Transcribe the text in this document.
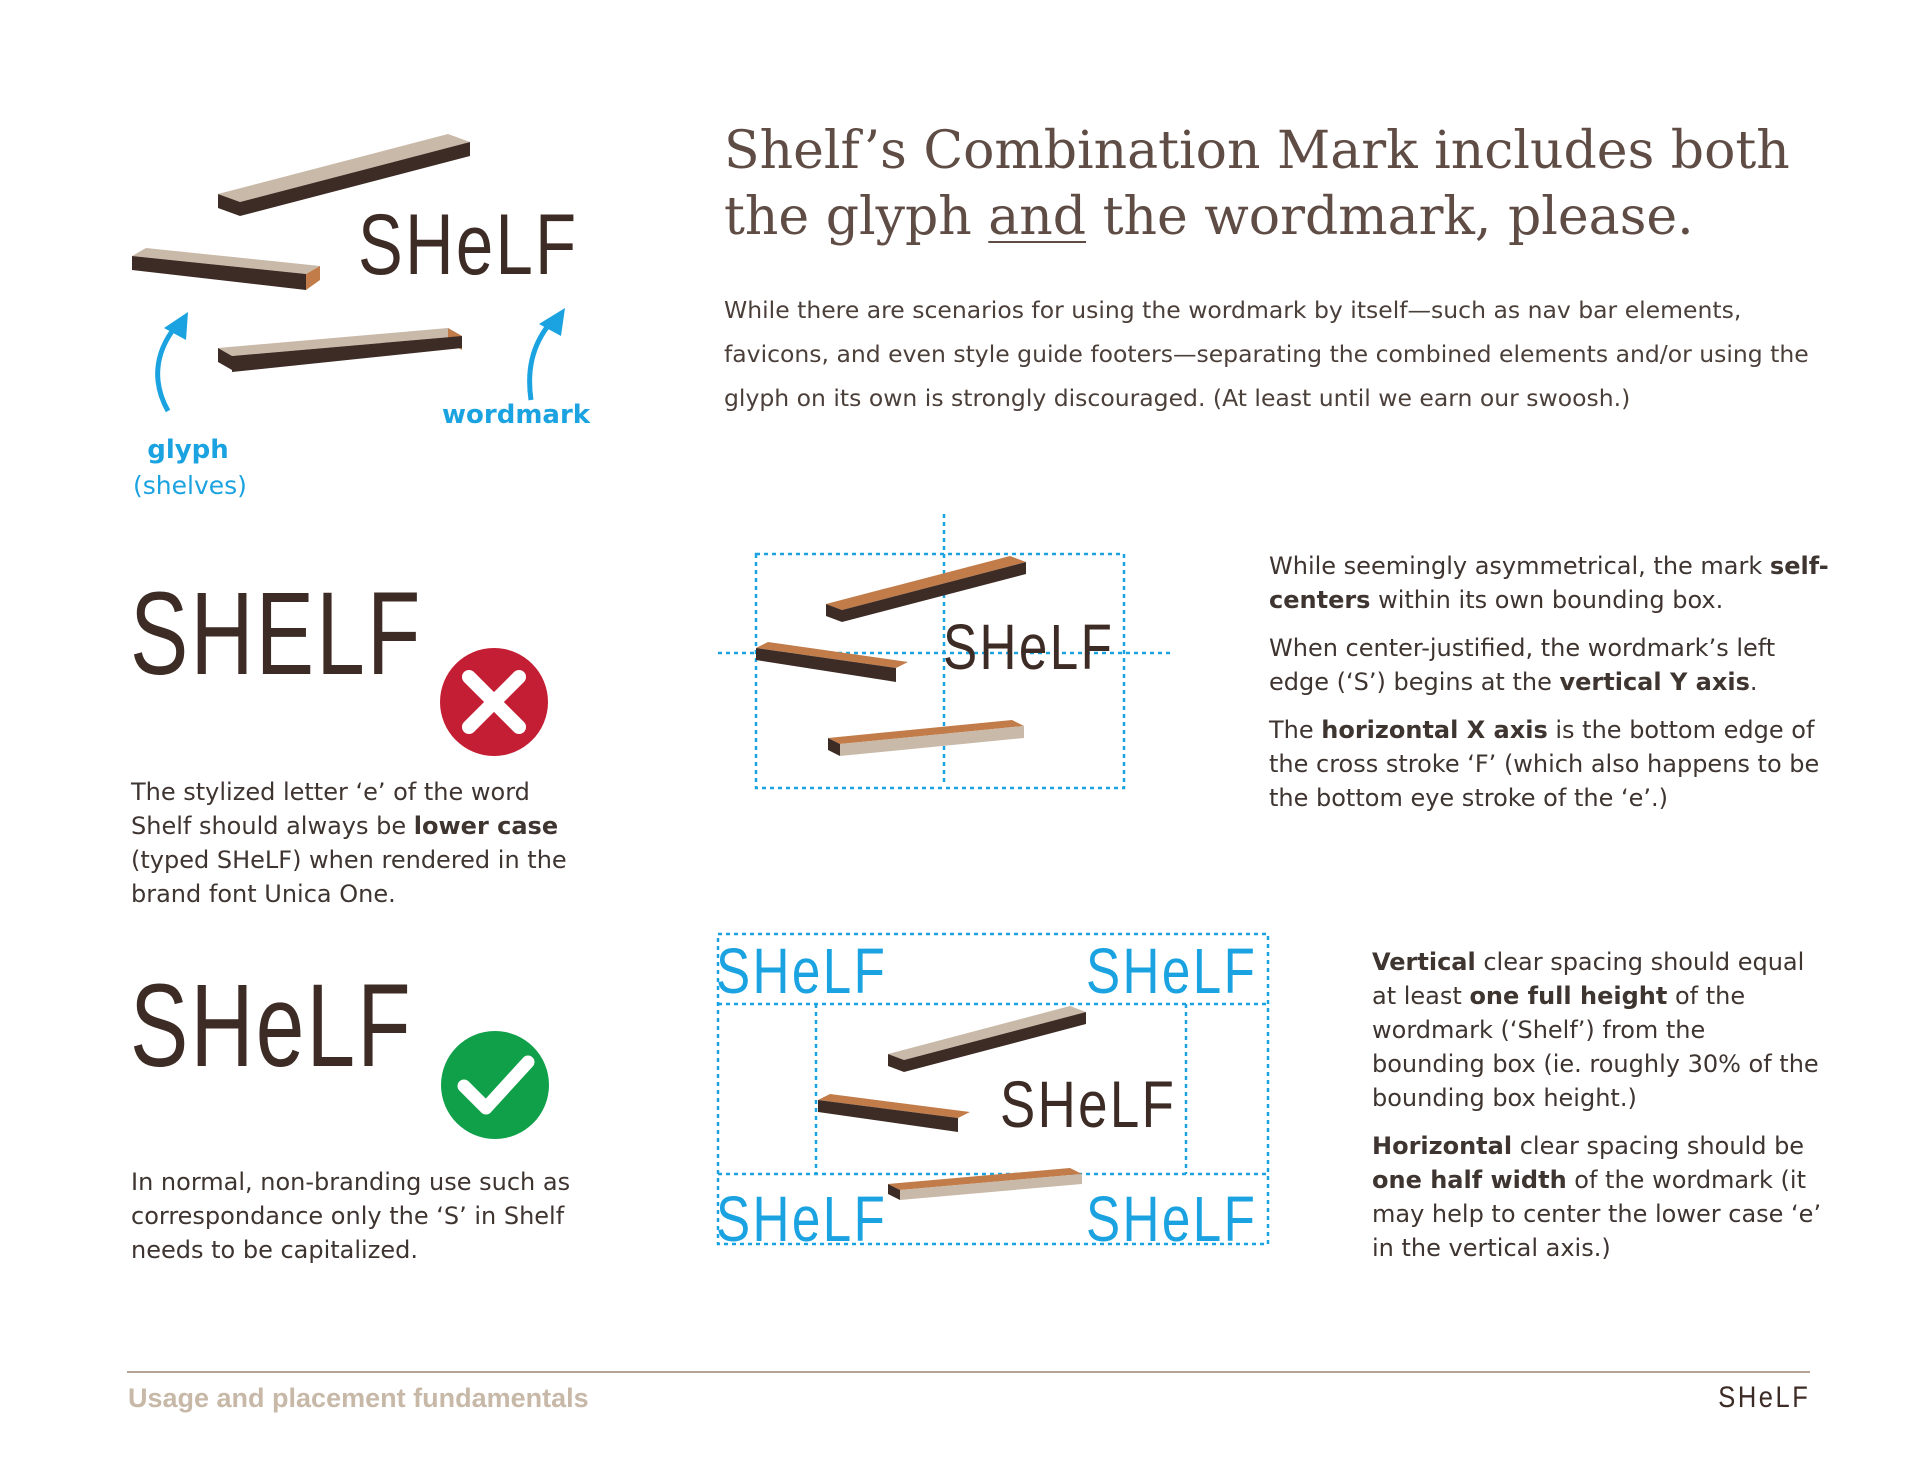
SHeLF
wordmark
glyph
(shelves)
Shelf’s Combination Mark includes both
the glyph and the wordmark, please.
While there are scenarios for using the wordmark by itself—such as nav bar elements, favicons, and even style guide footers—separating the combined elements and/or using the glyph on its own is strongly discouraged. (At least until we earn our swoosh.)
SHELF
The stylized letter ‘e’ of the word Shelf should always be lower case (typed SHeLF) when rendered in the brand font Unica One.
SHeLF
In normal, non-branding use such as correspondance only the ‘S’ in Shelf needs to be capitalized.
SHeLF

While seemingly asymmetrical, the mark self-centers within its own bounding box.

When center-justified, the wordmark’s left edge (‘S’) begins at the vertical Y axis.

The horizontal X axis is the bottom edge of the cross stroke ‘F’ (which also happens to be the bottom eye stroke of the ‘e’.)

SHeLF
SHeLF	SHeLF
SHeLF	SHeLF

Vertical clear spacing should equal at least one full height of the wordmark (‘Shelf’) from the bounding box (ie. roughly 30% of the bounding box height.)

Horizontal clear spacing should be one half width of the wordmark (it may help to center the lower case ‘e’ in the vertical axis.)

Usage and placement fundamentals	SHeLF
